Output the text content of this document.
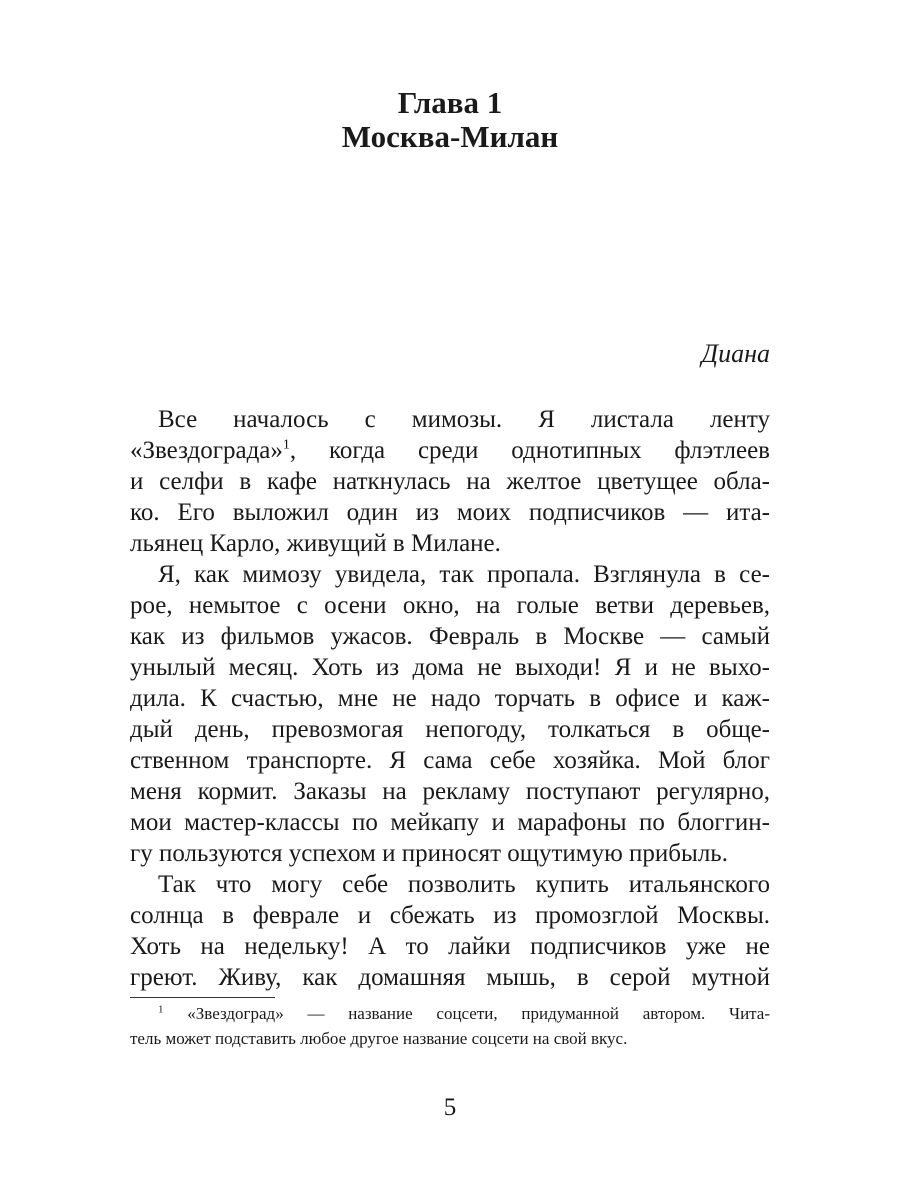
Глава 1
Москва-Милан
Диана
Все началось с мимозы. Я листала ленту
«Звездограда»$^1$, когда среди однотипных флэтлеев
и селфи в кафе наткнулась на желтое цветущее обла-
ко. Его выложил один из моих подписчиков — ита-
льянец Карло, живущий в Милане.
Я, как мимозу увидела, так пропала. Взглянула в се-
рое, немытое с осени окно, на голые ветви деревьев,
как из фильмов ужасов. Февраль в Москве — самый
унылый месяц. Хоть из дома не выходи! Я и не выхо-
дила. К счастью, мне не надо торчать в офисе и каж-
дый день, превозмогая непогоду, толкаться в обще-
ственном транспорте. Я сама себе хозяйка. Мой блог
меня кормит. Заказы на рекламу поступают регулярно,
мои мастер-классы по мейкапу и марафоны по блоггин-
гу пользуются успехом и приносят ощутимую прибыль.
Так что могу себе позволить купить итальянского
солнца в феврале и сбежать из промозглой Москвы.
Хоть на недельку! А то лайки подписчиков уже не
греют. Живу, как домашняя мышь, в серой мутной
$^1$ «Звездоград» — название соцсети, придуманной автором. Чита-
тель может подставить любое другое название соцсети на свой вкус.
5
